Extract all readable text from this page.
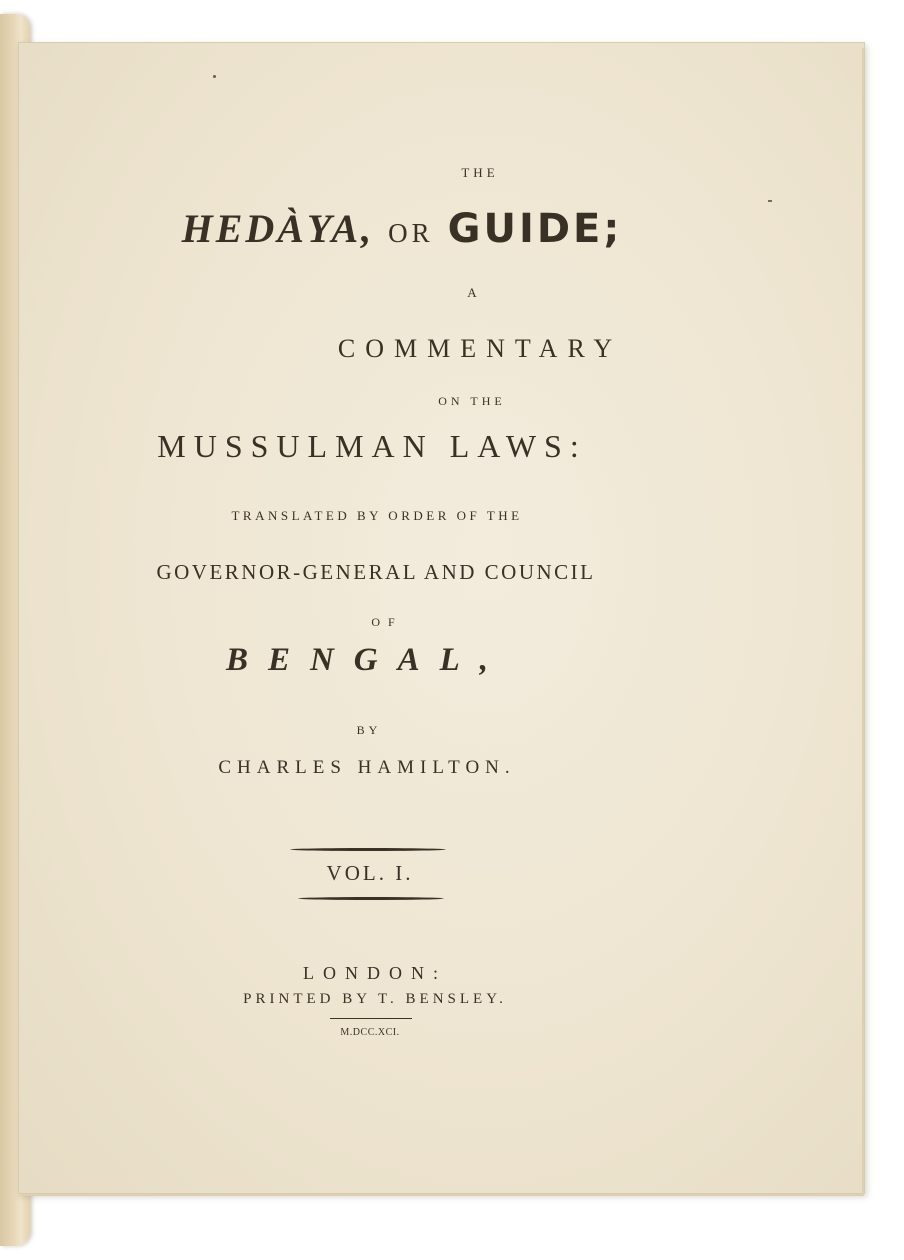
THE
HEDÀYA, OR GUIDE;
A
COMMENTARY
ON THE
MUSSULMAN LAWS:
TRANSLATED BY ORDER OF THE
GOVERNOR-GENERAL AND COUNCIL
OF
BENGAL,
BY
CHARLES HAMILTON.
VOL. I.
LONDON:
PRINTED BY T. BENSLEY.
M.DCC.XCI.
